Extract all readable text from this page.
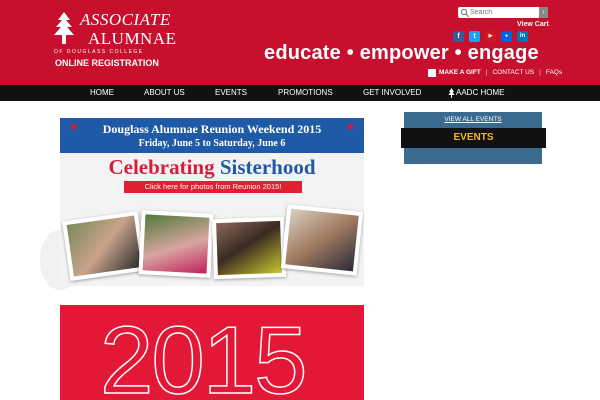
ASSOCIATE
ALUMNAE
OF DOUGLASS COLLEGE
ONLINE REGISTRATION
Search
›
View Cart
f	t	▶	●	in
educate • empower • engage
MAKE A GIFT | CONTACT US | FAQs
HOME	ABOUT US	EVENTS	PROMOTIONS	GET INVOLVED	AADC HOME
✱	✱
Douglass Alumnae Reunion Weekend 2015
Friday, June 5 to Saturday, June 6
Celebrating Sisterhood
Click here for photos from Reunion 2015!
2015
VIEW ALL EVENTS
EVENTS
